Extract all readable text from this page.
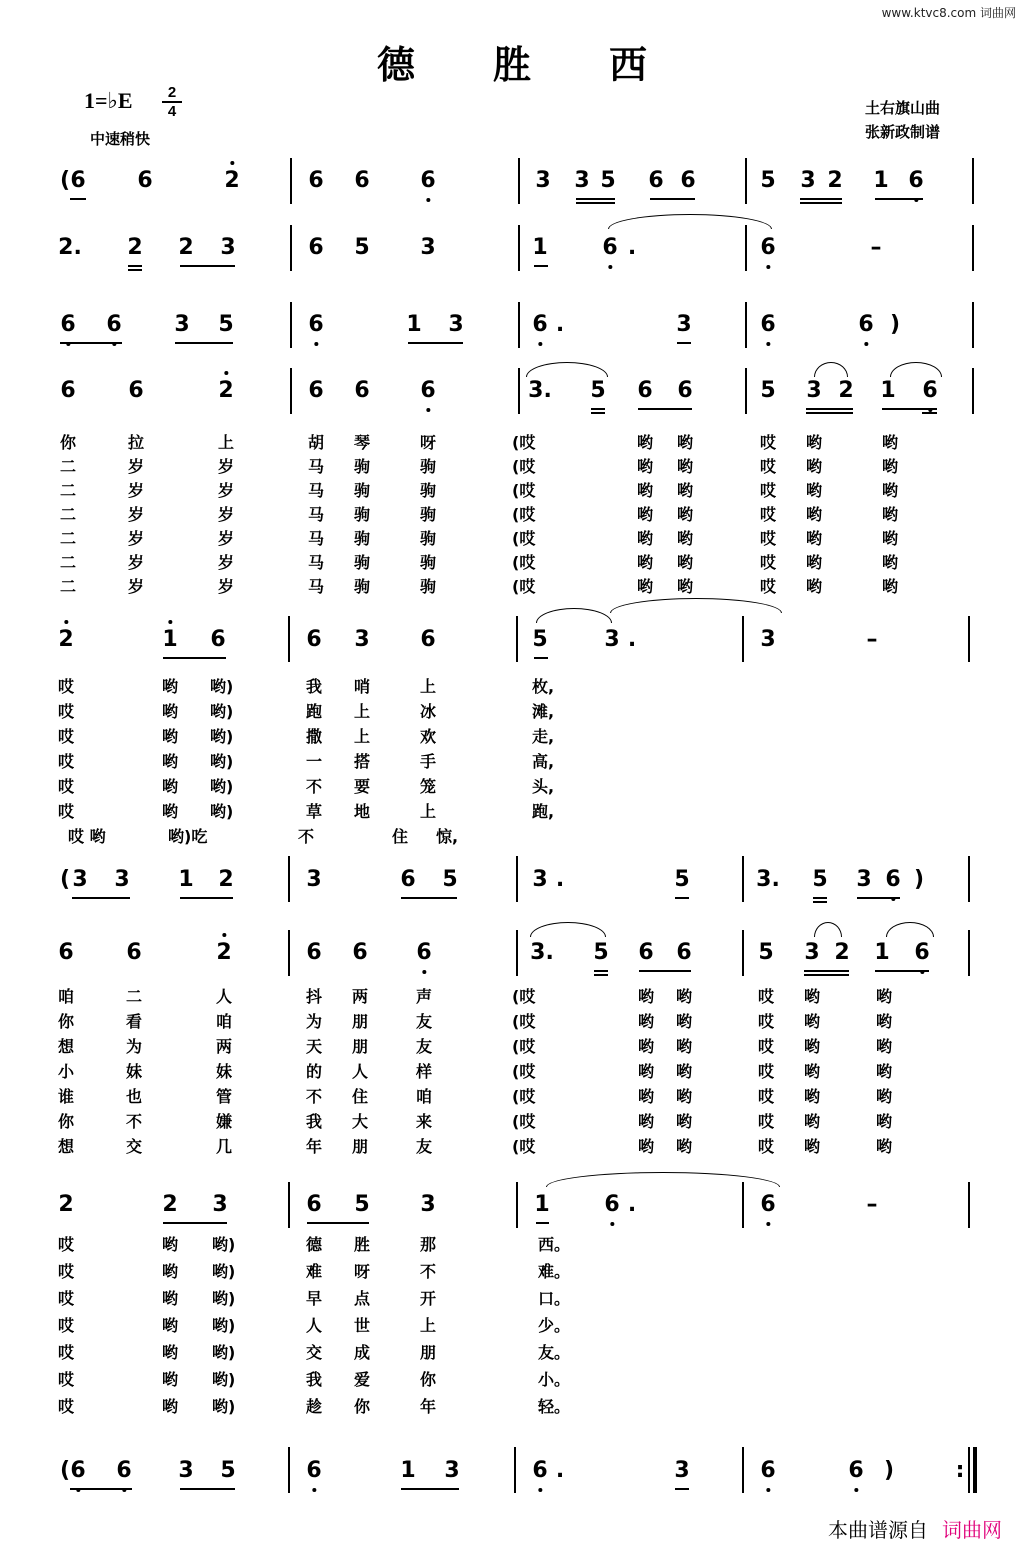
www.ktvc8.com 词曲网
德胜西
1=♭E	2
4
中速稍快
土右旗山曲
张新政制谱
( 6 6	2	6 6 6	3 3 5 6 6	5 3 2 1 6
2. 2 2 3	6 5 3	1 6 .	6	–
6 6 3 5	6	1 3	6 .	3	6	6 )
6 6	2	6 6 6	3. 5 6 6	5 3 2 1 6
你	拉	上	胡 琴	呀	(哎	哟 哟	哎 哟	哟
二	岁	岁	马 驹	驹	(哎	哟 哟	哎 哟	哟
二	岁	岁	马 驹	驹	(哎	哟 哟	哎 哟	哟
二	岁	岁	马 驹	驹	(哎	哟 哟	哎 哟	哟
二	岁	岁	马 驹	驹	(哎	哟 哟	哎 哟	哟
二	岁	岁	马 驹	驹	(哎	哟 哟	哎 哟	哟
二	岁	岁	马 驹	驹	(哎	哟 哟	哎 哟	哟
2	1 6	6 3 6	5	3 .	3	–
哎	哟 哟)	我 哨	上	枚,
哎	哟 哟)	跑 上	冰	滩,
哎	哟 哟)	撒 上	欢	走,
哎	哟 哟)	一 搭	手	高,
哎	哟 哟)	不 要	笼	头,
哎	哟 哟)	草 地	上	跑,
哎 哟	哟)吃	不	住 惊,
( 3 3 1 2	3	6 5	3 .	5	3. 5 3 6 )
6 6	2	6 6 6	3. 5 6 6	5 3 2 1 6
咱	二	人	抖 两	声	(哎	哟 哟	哎 哟	哟
你	看	咱	为 朋	友	(哎	哟 哟	哎 哟	哟
想	为	两	天 朋	友	(哎	哟 哟	哎 哟	哟
小	妹	妹	的 人	样	(哎	哟 哟	哎 哟	哟
谁	也	管	不 住	咱	(哎	哟 哟	哎 哟	哟
你	不	嫌	我 大	来	(哎	哟 哟	哎 哟	哟
想	交	几	年 朋	友	(哎	哟 哟	哎 哟	哟
2	2 3	6 5 3	1 6 .	6	–
哎	哟 哟)	德 胜	那	西。
哎	哟 哟)	难 呀	不	难。
哎	哟 哟)	早 点	开	口。
哎	哟 哟)	人 世	上	少。
哎	哟 哟)	交 成	朋	友。
哎	哟 哟)	我 爱	你	小。
哎	哟 哟)	趁 你	年	轻。
( 6 6 3 5	6	1 3	6 .	3	6	6 )	:
本曲谱源自 词曲网
